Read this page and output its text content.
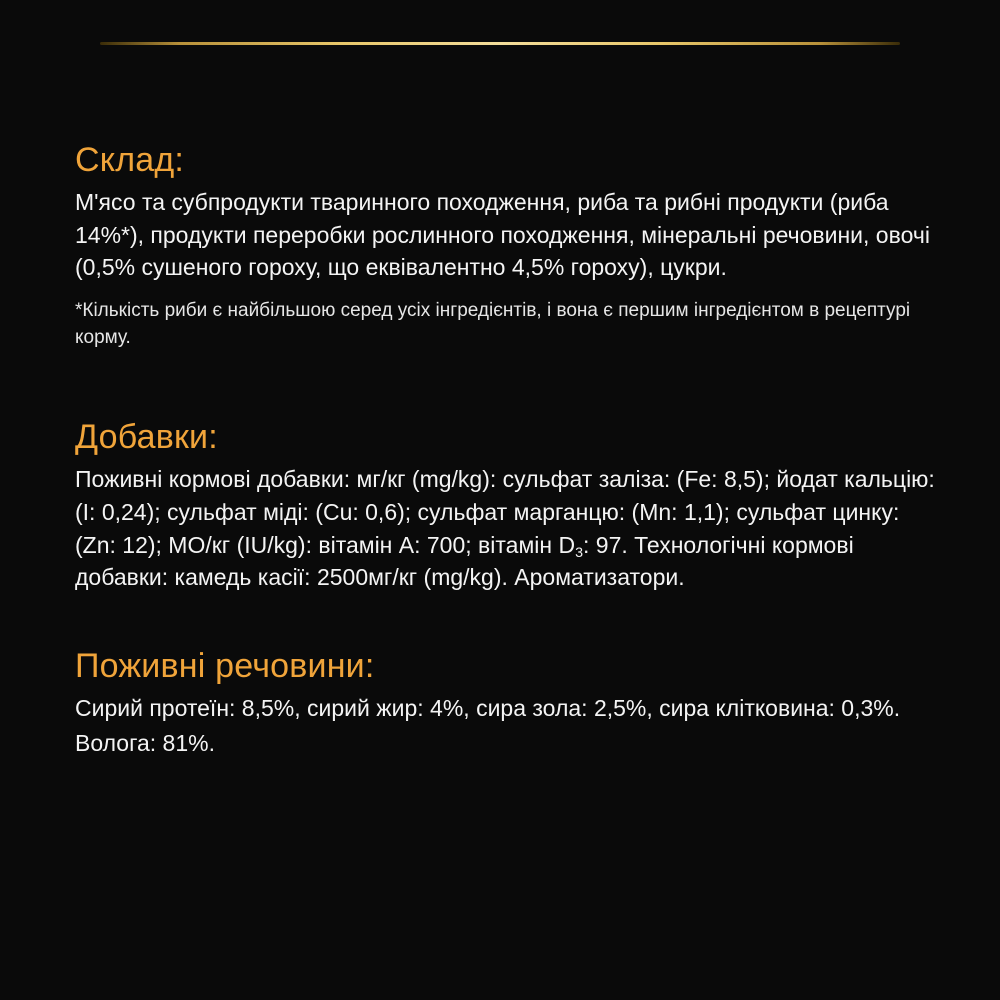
Склад:

М'ясо та субпродукти тваринного походження, риба та рибні продукти (риба 14%*), продукти переробки рослинного походження, мінеральні речовини, овочі (0,5% сушеного гороху, що еквівалентно 4,5% гороху), цукри.

*Кількість риби є найбільшою серед усіх інгредієнтів, і вона є першим інгредієнтом в рецептурі корму.

Добавки:

Поживні кормові добавки: мг/кг (mg/kg): сульфат заліза: (Fe: 8,5); йодат кальцію: (I: 0,24); сульфат міді: (Cu: 0,6); сульфат марганцю: (Mn: 1,1); сульфат цинку: (Zn: 12); МО/кг (IU/kg): вітамін A: 700; вітамін $D_3$: 97. Технологічні кормові добавки: камедь касії: 2500мг/кг (mg/kg). Ароматизатори.

Поживні речовини:

Сирий протеїн: 8,5%, сирий жир: 4%, сира зола: 2,5%, сира клітковина: 0,3%.

Волога: 81%.
